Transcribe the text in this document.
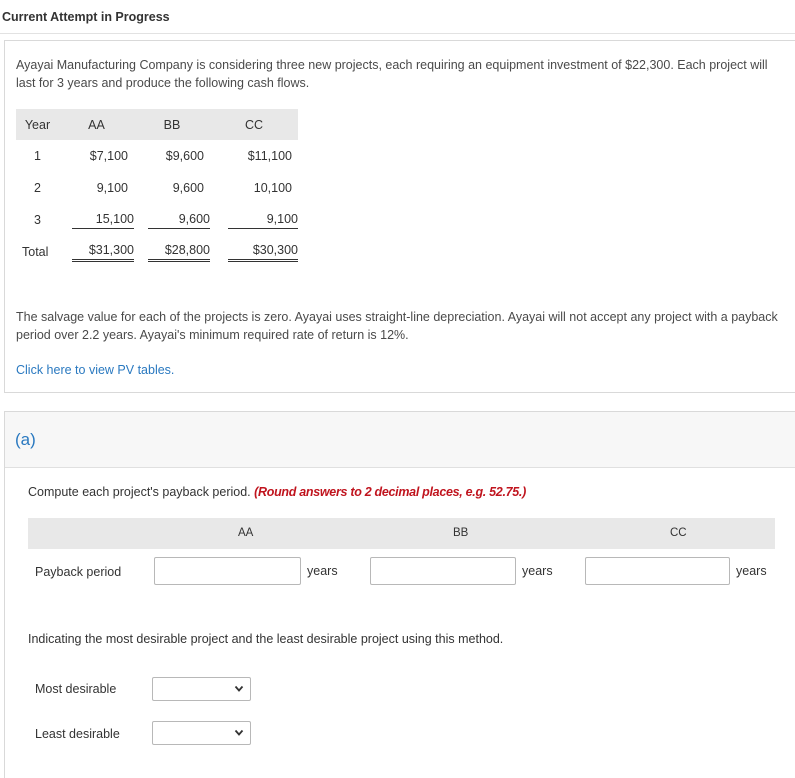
Current Attempt in Progress

Ayayai Manufacturing Company is considering three new projects, each requiring an equipment investment of $22,300. Each project will last for 3 years and produce the following cash flows.

Year	AA	BB	CC
1	$7,100	$9,600	$11,100
2	9,100	9,600	10,100
3	15,100	9,600	9,100
Total	$31,300	$28,800	$30,300

The salvage value for each of the projects is zero. Ayayai uses straight-line depreciation. Ayayai will not accept any project with a payback period over 2.2 years. Ayayai's minimum required rate of return is 12%.

Click here to view PV tables.
(a)
Compute each project's payback period. (Round answers to 2 decimal places, e.g. 52.75.)
AA	BB	CC
Payback period	years	years	years

Indicating the most desirable project and the least desirable project using this method.

Most desirable
Least desirable
